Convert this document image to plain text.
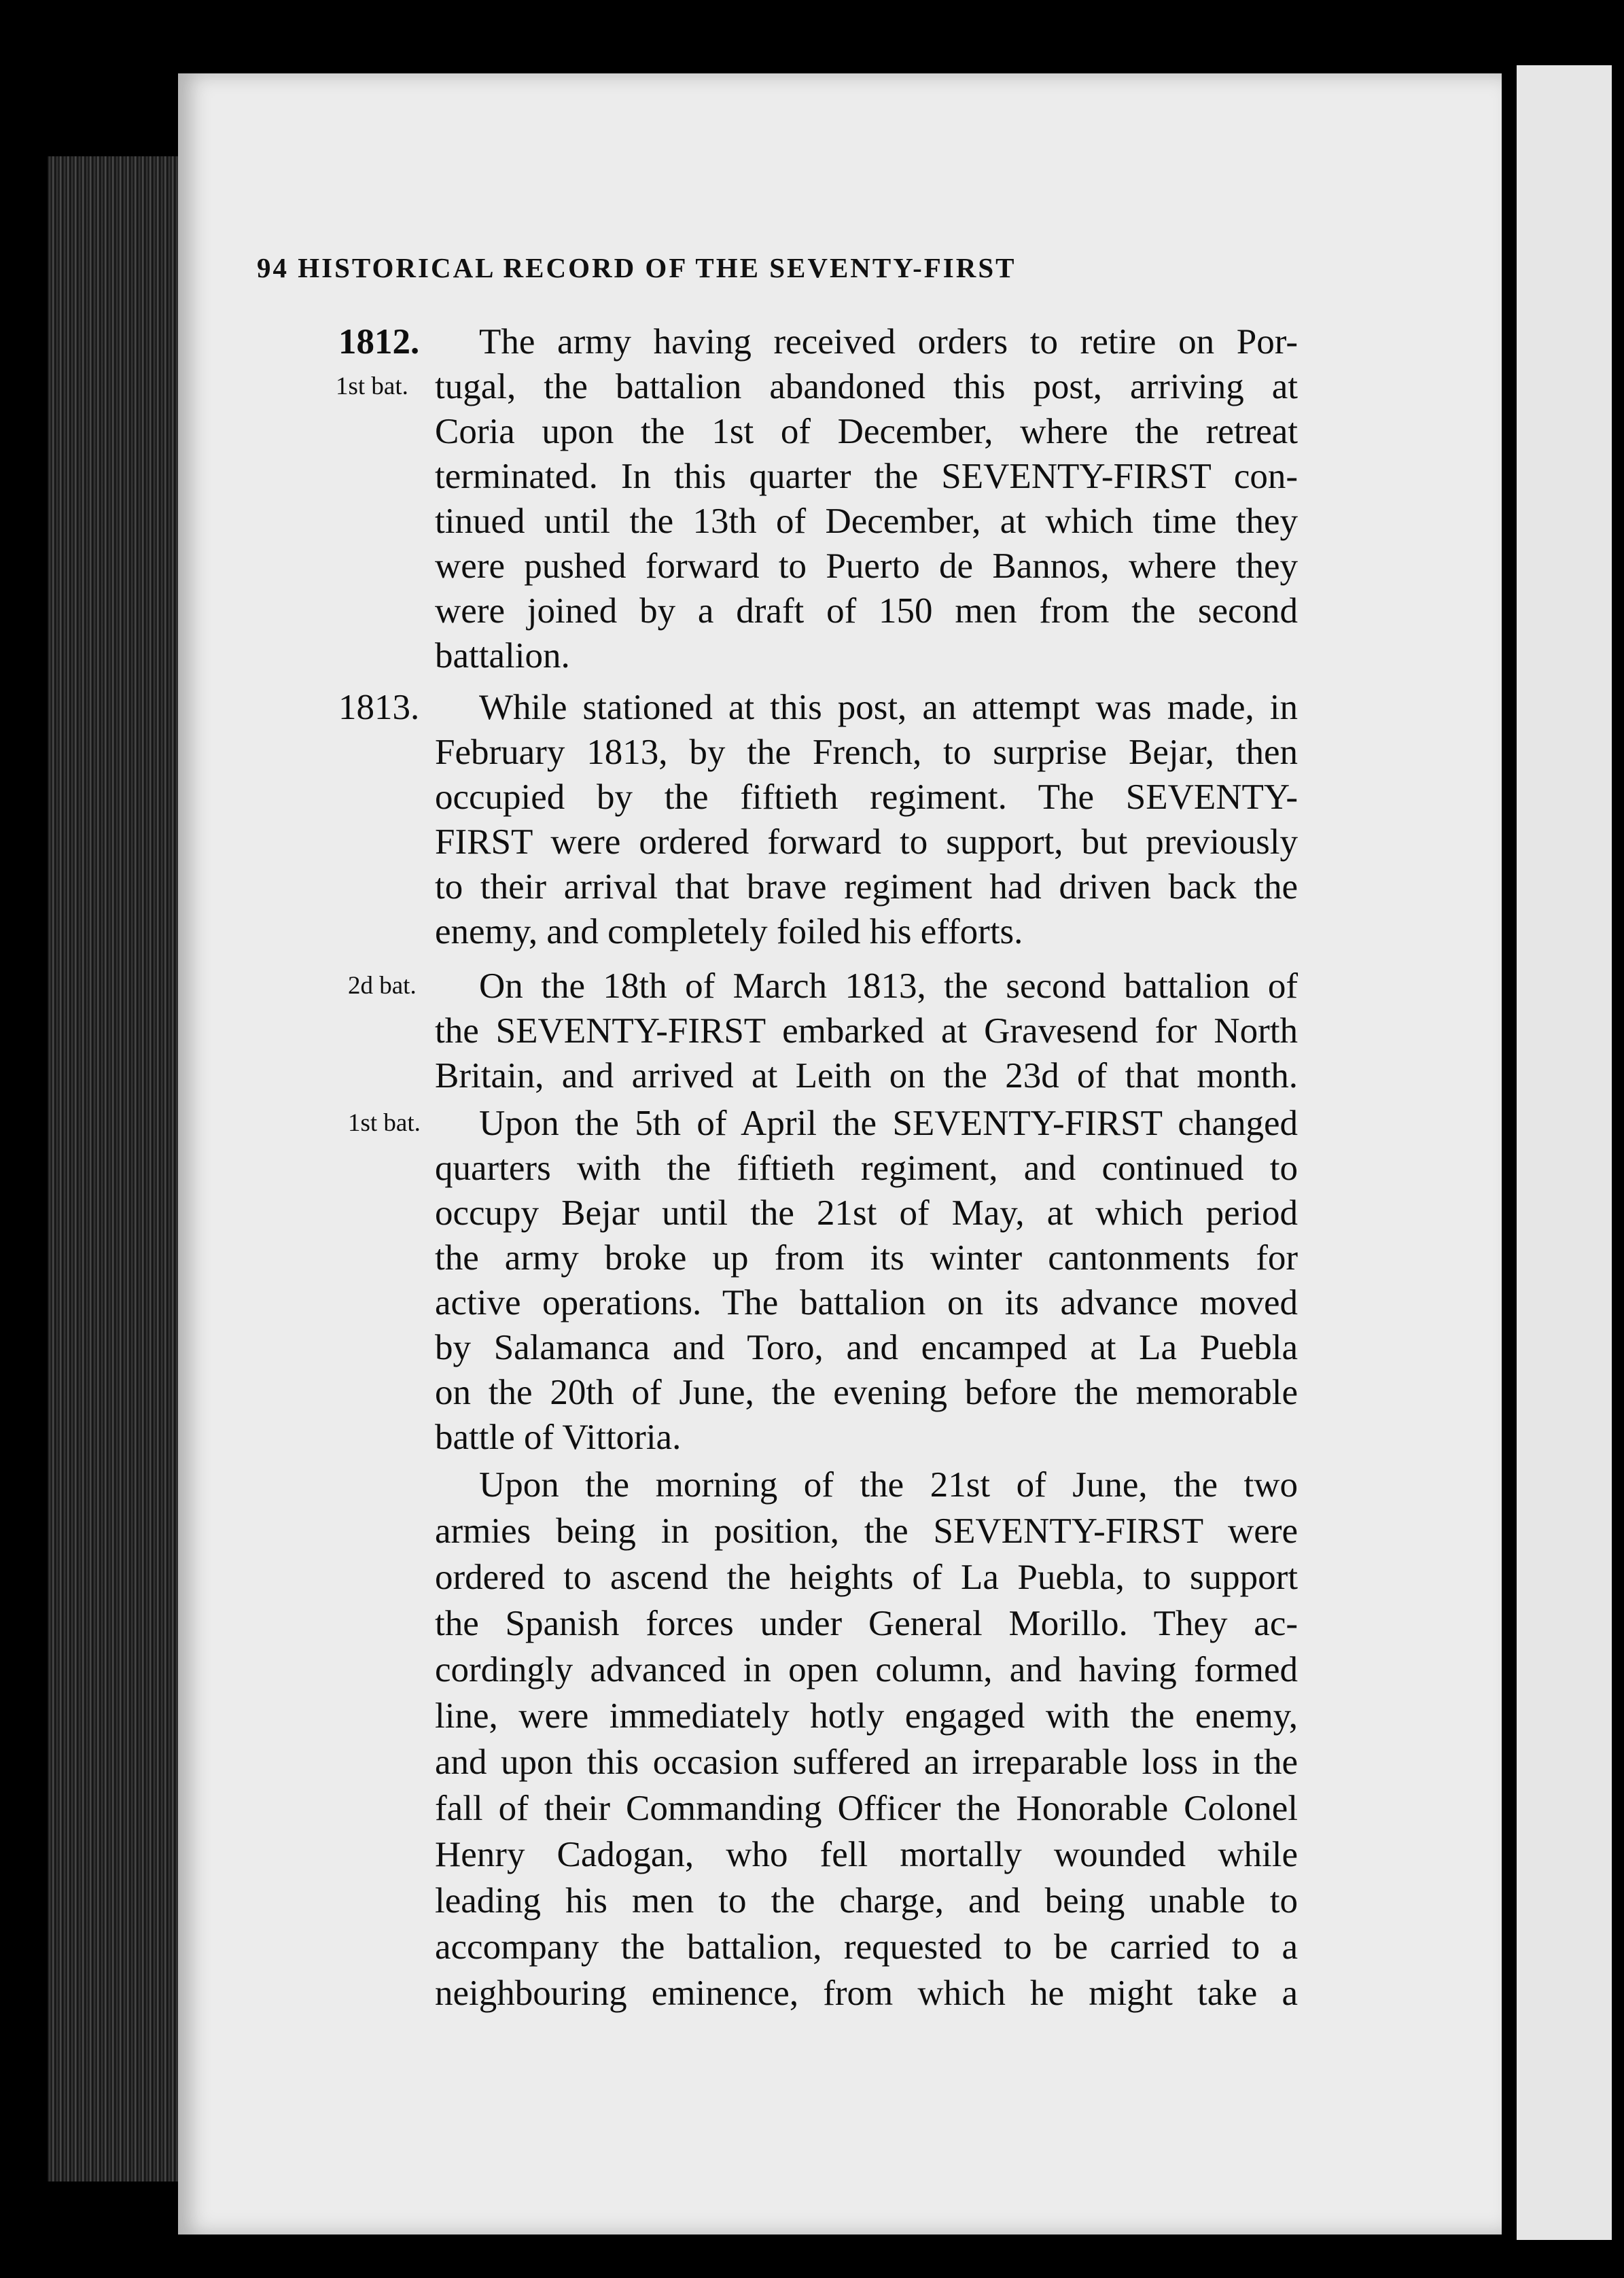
94 HISTORICAL RECORD OF THE SEVENTY-FIRST
1812.
1st bat.
1813.
2d bat.
1st bat.
The army having received orders to retire on Por-
tugal, the battalion abandoned this post, arriving at
Coria upon the 1st of December, where the retreat
terminated. In this quarter the SEVENTY-FIRST con-
tinued until the 13th of December, at which time they
were pushed forward to Puerto de Bannos, where they
were joined by a draft of 150 men from the second
battalion.
While stationed at this post, an attempt was made, in
February 1813, by the French, to surprise Bejar, then
occupied by the fiftieth regiment. The SEVENTY-
FIRST were ordered forward to support, but previously
to their arrival that brave regiment had driven back the
enemy, and completely foiled his efforts.
On the 18th of March 1813, the second battalion of
the SEVENTY-FIRST embarked at Gravesend for North
Britain, and arrived at Leith on the 23d of that month.
Upon the 5th of April the SEVENTY-FIRST changed
quarters with the fiftieth regiment, and continued to
occupy Bejar until the 21st of May, at which period
the army broke up from its winter cantonments for
active operations. The battalion on its advance moved
by Salamanca and Toro, and encamped at La Puebla
on the 20th of June, the evening before the memorable
battle of Vittoria.
Upon the morning of the 21st of June, the two
armies being in position, the SEVENTY-FIRST were
ordered to ascend the heights of La Puebla, to support
the Spanish forces under General Morillo. They ac-
cordingly advanced in open column, and having formed
line, were immediately hotly engaged with the enemy,
and upon this occasion suffered an irreparable loss in the
fall of their Commanding Officer the Honorable Colonel
Henry Cadogan, who fell mortally wounded while
leading his men to the charge, and being unable to
accompany the battalion, requested to be carried to a
neighbouring eminence, from which he might take a
